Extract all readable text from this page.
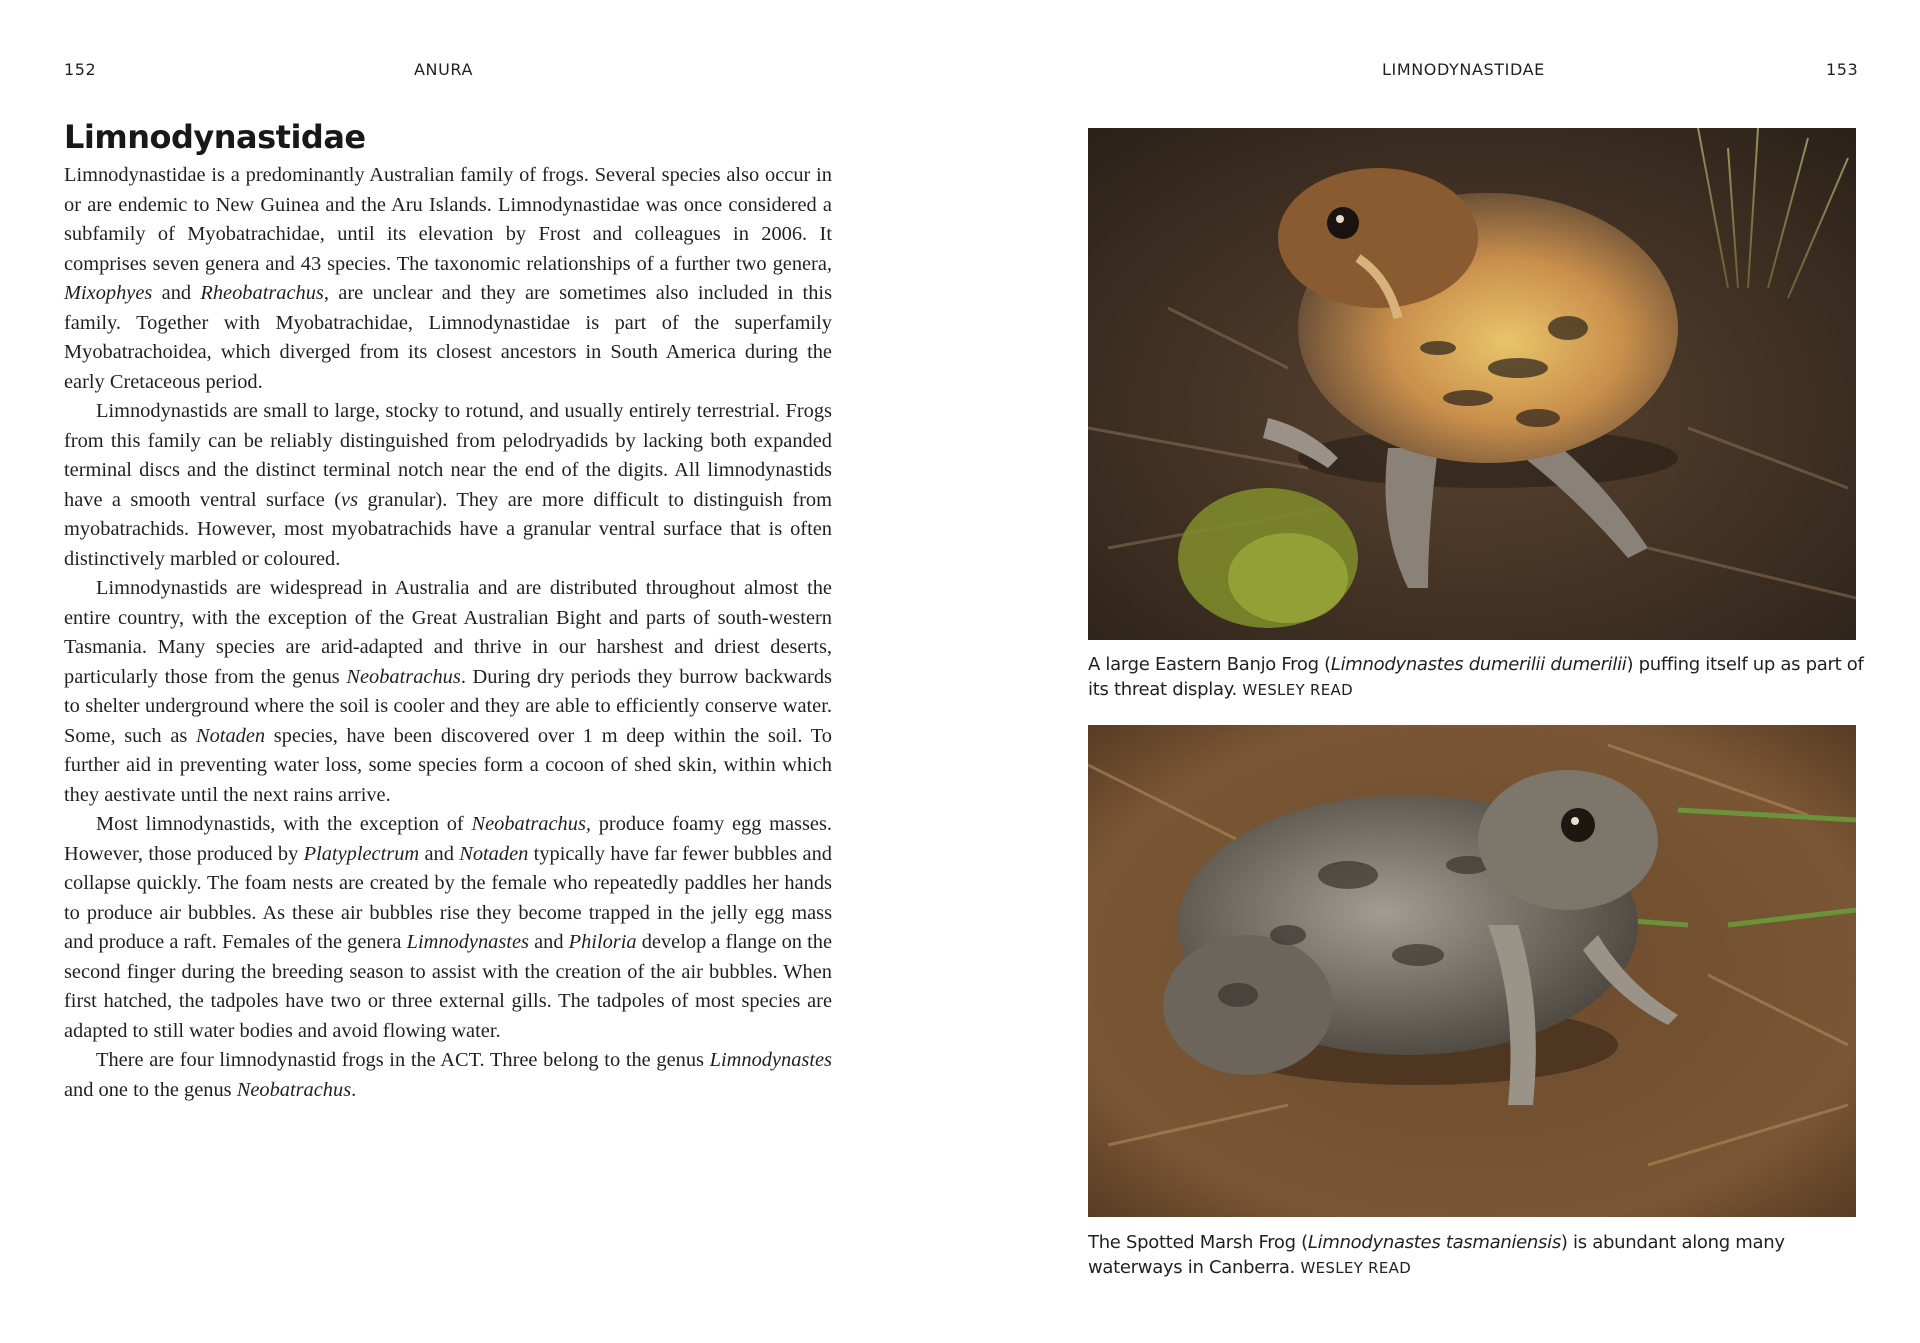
152	ANURA
Limnodynastidae

Limnodynastidae is a predominantly Australian family of frogs. Several species also occur in or are endemic to New Guinea and the Aru Islands. Limnodynastidae was once considered a subfamily of Myobatrachidae, until its elevation by Frost and colleagues in 2006. It comprises seven genera and 43 species. The taxonomic relationships of a further two genera, Mixophyes and Rheobatrachus, are unclear and they are sometimes also included in this family. Together with Myobatrachidae, Limnodynastidae is part of the superfamily Myobatrachoidea, which diverged from its closest ancestors in South America during the early Cretaceous period.

Limnodynastids are small to large, stocky to rotund, and usually entirely terrestrial. Frogs from this family can be reliably distinguished from pelodryadids by lacking both expanded terminal discs and the distinct terminal notch near the end of the digits. All limnodynastids have a smooth ventral surface (vs granular). They are more difficult to distinguish from myobatrachids. However, most myobatrachids have a granular ventral surface that is often distinctively marbled or coloured.

Limnodynastids are widespread in Australia and are distributed throughout almost the entire country, with the exception of the Great Australian Bight and parts of south-western Tasmania. Many species are arid-adapted and thrive in our harshest and driest deserts, particularly those from the genus Neobatrachus. During dry periods they burrow backwards to shelter underground where the soil is cooler and they are able to efficiently conserve water. Some, such as Notaden species, have been discovered over 1 m deep within the soil. To further aid in preventing water loss, some species form a cocoon of shed skin, within which they aestivate until the next rains arrive.

Most limnodynastids, with the exception of Neobatrachus, produce foamy egg masses. However, those produced by Platyplectrum and Notaden typically have far fewer bubbles and collapse quickly. The foam nests are created by the female who repeatedly paddles her hands to produce air bubbles. As these air bubbles rise they become trapped in the jelly egg mass and produce a raft. Females of the genera Limnodynastes and Philoria develop a flange on the second finger during the breeding season to assist with the creation of the air bubbles. When first hatched, the tadpoles have two or three external gills. The tadpoles of most species are adapted to still water bodies and avoid flowing water.

There are four limnodynastid frogs in the ACT. Three belong to the genus Limnodynastes and one to the genus Neobatrachus.

LIMNODYNASTIDAE	153
A large Eastern Banjo Frog (Limnodynastes dumerilii dumerilii) puffing itself up as part of its threat display. WESLEY READ
The Spotted Marsh Frog (Limnodynastes tasmaniensis) is abundant along many waterways in Canberra. WESLEY READ
